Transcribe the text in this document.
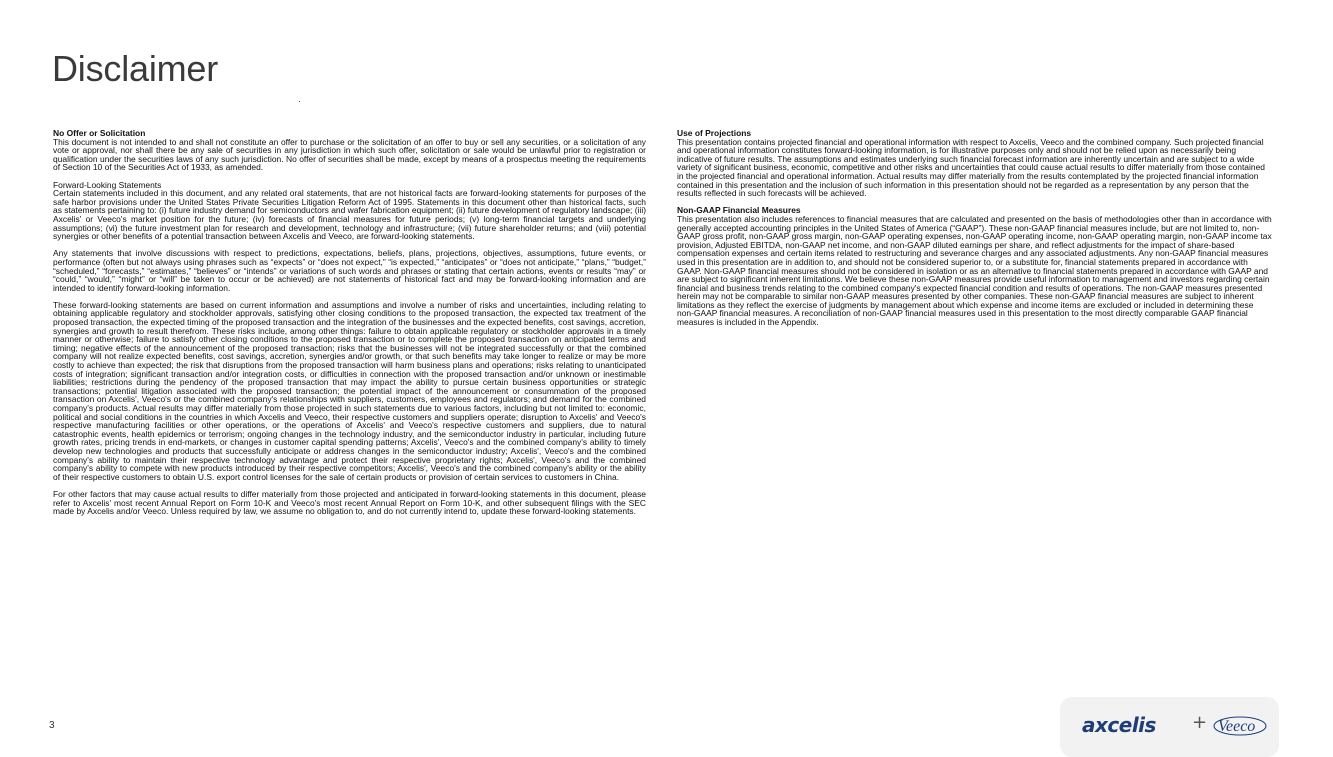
Disclaimer

No Offer or Solicitation
This document is not intended to and shall not constitute an offer to purchase or the solicitation of an offer to buy or sell any securities, or a solicitation of any vote or approval, nor shall there be any sale of securities in any jurisdiction in which such offer, solicitation or sale would be unlawful prior to registration or qualification under the securities laws of any such jurisdiction. No offer of securities shall be made, except by means of a prospectus meeting the requirements of Section 10 of the Securities Act of 1933, as amended.

Forward-Looking Statements
Certain statements included in this document, and any related oral statements, that are not historical facts are forward-looking statements for purposes of the safe harbor provisions under the United States Private Securities Litigation Reform Act of 1995. Statements in this document other than historical facts, such as statements pertaining to: (i) future industry demand for semiconductors and wafer fabrication equipment; (ii) future development of regulatory landscape; (iii) Axcelis' or Veeco's market position for the future; (iv) forecasts of financial measures for future periods; (v) long-term financial targets and underlying assumptions; (vi) the future investment plan for research and development, technology and infrastructure; (vii) future shareholder returns; and (viii) potential synergies or other benefits of a potential transaction between Axcelis and Veeco, are forward-looking statements.

Any statements that involve discussions with respect to predictions, expectations, beliefs, plans, projections, objectives, assumptions, future events, or performance (often but not always using phrases such as “expects” or “does not expect,” “is expected,” “anticipates” or “does not anticipate,” “plans,” “budget,” “scheduled,” “forecasts,” “estimates,” “believes” or “intends” or variations of such words and phrases or stating that certain actions, events or results “may” or “could,” “would,” “might” or “will” be taken to occur or be achieved) are not statements of historical fact and may be forward-looking information and are intended to identify forward-looking information.

These forward-looking statements are based on current information and assumptions and involve a number of risks and uncertainties, including relating to obtaining applicable regulatory and stockholder approvals, satisfying other closing conditions to the proposed transaction, the expected tax treatment of the proposed transaction, the expected timing of the proposed transaction and the integration of the businesses and the expected benefits, cost savings, accretion, synergies and growth to result therefrom. These risks include, among other things: failure to obtain applicable regulatory or stockholder approvals in a timely manner or otherwise; failure to satisfy other closing conditions to the proposed transaction or to complete the proposed transaction on anticipated terms and timing; negative effects of the announcement of the proposed transaction; risks that the businesses will not be integrated successfully or that the combined company will not realize expected benefits, cost savings, accretion, synergies and/or growth, or that such benefits may take longer to realize or may be more costly to achieve than expected; the risk that disruptions from the proposed transaction will harm business plans and operations; risks relating to unanticipated costs of integration; significant transaction and/or integration costs, or difficulties in connection with the proposed transaction and/or unknown or inestimable liabilities; restrictions during the pendency of the proposed transaction that may impact the ability to pursue certain business opportunities or strategic transactions; potential litigation associated with the proposed transaction; the potential impact of the announcement or consummation of the proposed transaction on Axcelis', Veeco's or the combined company's relationships with suppliers, customers, employees and regulators; and demand for the combined company's products. Actual results may differ materially from those projected in such statements due to various factors, including but not limited to: economic, political and social conditions in the countries in which Axcelis and Veeco, their respective customers and suppliers operate; disruption to Axcelis' and Veeco's respective manufacturing facilities or other operations, or the operations of Axcelis' and Veeco's respective customers and suppliers, due to natural catastrophic events, health epidemics or terrorism; ongoing changes in the technology industry, and the semiconductor industry in particular, including future growth rates, pricing trends in end-markets, or changes in customer capital spending patterns; Axcelis', Veeco's and the combined company's ability to timely develop new technologies and products that successfully anticipate or address changes in the semiconductor industry; Axcelis', Veeco's and the combined company's ability to maintain their respective technology advantage and protect their respective proprietary rights; Axcelis', Veeco's and the combined company's ability to compete with new products introduced by their respective competitors; Axcelis', Veeco's and the combined company's ability or the ability of their respective customers to obtain U.S. export control licenses for the sale of certain products or provision of certain services to customers in China.

For other factors that may cause actual results to differ materially from those projected and anticipated in forward-looking statements in this document, please refer to Axcelis' most recent Annual Report on Form 10-K and Veeco's most recent Annual Report on Form 10-K, and other subsequent filings with the SEC made by Axcelis and/or Veeco. Unless required by law, we assume no obligation to, and do not currently intend to, update these forward-looking statements.

Use of Projections
This presentation contains projected financial and operational information with respect to Axcelis, Veeco and the combined company. Such projected financial and operational information constitutes forward-looking information, is for illustrative purposes only and should not be relied upon as necessarily being indicative of future results. The assumptions and estimates underlying such financial forecast information are inherently uncertain and are subject to a wide variety of significant business, economic, competitive and other risks and uncertainties that could cause actual results to differ materially from those contained in the projected financial and operational information. Actual results may differ materially from the results contemplated by the projected financial information contained in this presentation and the inclusion of such information in this presentation should not be regarded as a representation by any person that the results reflected in such forecasts will be achieved.

Non-GAAP Financial Measures
This presentation also includes references to financial measures that are calculated and presented on the basis of methodologies other than in accordance with generally accepted accounting principles in the United States of America (“GAAP”). These non-GAAP financial measures include, but are not limited to, non-GAAP gross profit, non-GAAP gross margin, non-GAAP operating expenses, non-GAAP operating income, non-GAAP operating margin, non-GAAP income tax provision, Adjusted EBITDA, non-GAAP net income, and non-GAAP diluted earnings per share, and reflect adjustments for the impact of share-based compensation expenses and certain items related to restructuring and severance charges and any associated adjustments. Any non-GAAP financial measures used in this presentation are in addition to, and should not be considered superior to, or a substitute for, financial statements prepared in accordance with GAAP. Non-GAAP financial measures should not be considered in isolation or as an alternative to financial statements prepared in accordance with GAAP and are subject to significant inherent limitations. We believe these non-GAAP measures provide useful information to management and investors regarding certain financial and business trends relating to the combined company's expected financial condition and results of operations. The non-GAAP measures presented herein may not be comparable to similar non-GAAP measures presented by other companies. These non-GAAP financial measures are subject to inherent limitations as they reflect the exercise of judgments by management about which expense and income items are excluded or included in determining these non-GAAP financial measures. A reconciliation of non-GAAP financial measures used in this presentation to the most directly comparable GAAP financial measures is included in the Appendix.

3	axcelis + Veeco
